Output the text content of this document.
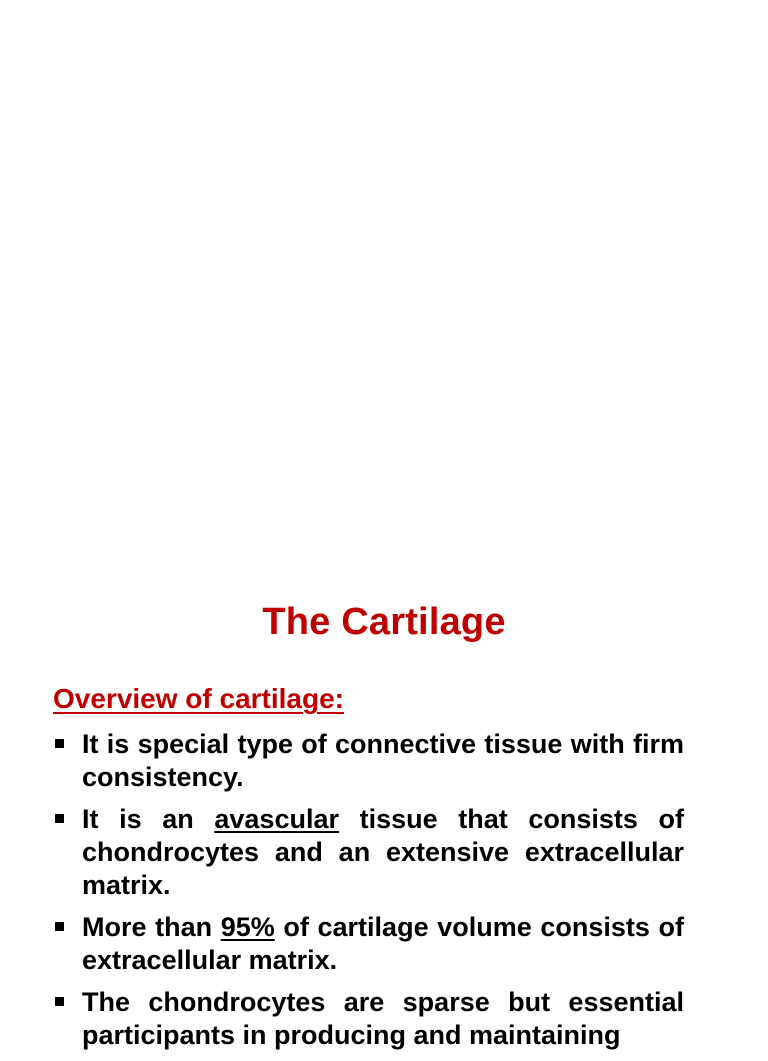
The Cartilage
Overview of cartilage:
It is special type of connective tissue with firm consistency.
It is an avascular tissue that consists of chondrocytes and an extensive extracellular matrix.
More than 95% of cartilage volume consists of extracellular matrix.
The chondrocytes are sparse but essential participants in producing and maintaining
